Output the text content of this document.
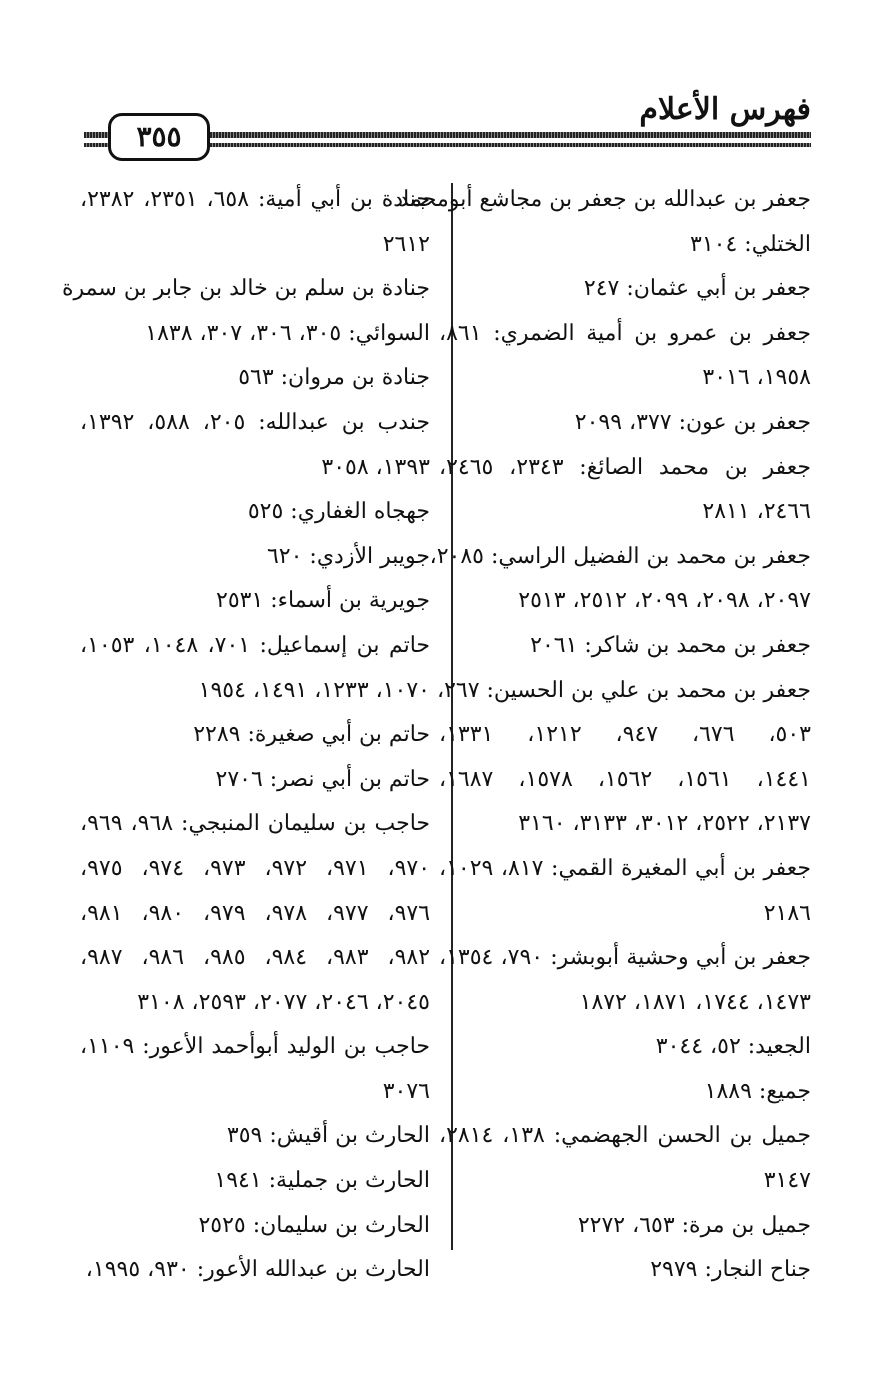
فهرس الأعلام
٣٥٥
جعفر بن عبدالله بن جعفر بن مجاشع أبومحمد
الختلي: ٣١٠٤
جعفر بن أبي عثمان: ٢٤٧
جعفر بن عمرو بن أمية الضمري: ٨٦١،
١٩٥٨، ٣٠١٦
جعفر بن عون: ٣٧٧، ٢٠٩٩
جعفر بن محمد الصائغ: ٢٣٤٣، ٢٤٦٥،
٢٤٦٦، ٢٨١١
جعفر بن محمد بن الفضيل الراسي: ٢٠٨٥،
٢٠٩٧، ٢٠٩٨، ٢٠٩٩، ٢٥١٢، ٢٥١٣
جعفر بن محمد بن شاكر: ٢٠٦١
جعفر بن محمد بن علي بن الحسين: ٢٦٧،
٥٠٣، ٦٧٦، ٩٤٧، ١٢١٢، ١٣٣١،
١٤٤١، ١٥٦١، ١٥٦٢، ١٥٧٨، ١٦٨٧،
٢١٣٧، ٢٥٢٢، ٣٠١٢، ٣١٣٣، ٣١٦٠
جعفر بن أبي المغيرة القمي: ٨١٧، ١٠٢٩،
٢١٨٦
جعفر بن أبي وحشية أبوبشر: ٧٩٠، ١٣٥٤،
١٤٧٣، ١٧٤٤، ١٨٧١، ١٨٧٢
الجعيد: ٥٢، ٣٠٤٤
جميع: ١٨٨٩
جميل بن الحسن الجهضمي: ١٣٨، ٢٨١٤،
٣١٤٧
جميل بن مرة: ٦٥٣، ٢٢٧٢
جناح النجار: ٢٩٧٩
جنادة بن أبي أمية: ٦٥٨، ٢٣٥١، ٢٣٨٢،
٢٦١٢
جنادة بن سلم بن خالد بن جابر بن سمرة
السوائي: ٣٠٥، ٣٠٦، ٣٠٧، ١٨٣٨
جنادة بن مروان: ٥٦٣
جندب بن عبدالله: ٢٠٥، ٥٨٨، ١٣٩٢،
١٣٩٣، ٣٠٥٨
جهجاه الغفاري: ٥٢٥
جويبر الأزدي: ٦٢٠
جويرية بن أسماء: ٢٥٣١
حاتم بن إسماعيل: ٧٠١، ١٠٤٨، ١٠٥٣،
١٠٧٠، ١٢٣٣، ١٤٩١، ١٩٥٤
حاتم بن أبي صغيرة: ٢٢٨٩
حاتم بن أبي نصر: ٢٧٠٦
حاجب بن سليمان المنبجي: ٩٦٨، ٩٦٩،
٩٧٠، ٩٧١، ٩٧٢، ٩٧٣، ٩٧٤، ٩٧٥،
٩٧٦، ٩٧٧، ٩٧٨، ٩٧٩، ٩٨٠، ٩٨١،
٩٨٢، ٩٨٣، ٩٨٤، ٩٨٥، ٩٨٦، ٩٨٧،
٢٠٤٥، ٢٠٤٦، ٢٠٧٧، ٢٥٩٣، ٣١٠٨
حاجب بن الوليد أبوأحمد الأعور: ١١٠٩،
٣٠٧٦
الحارث بن أقيش: ٣٥٩
الحارث بن جملية: ١٩٤١
الحارث بن سليمان: ٢٥٢٥
الحارث بن عبدالله الأعور: ٩٣٠، ١٩٩٥،
